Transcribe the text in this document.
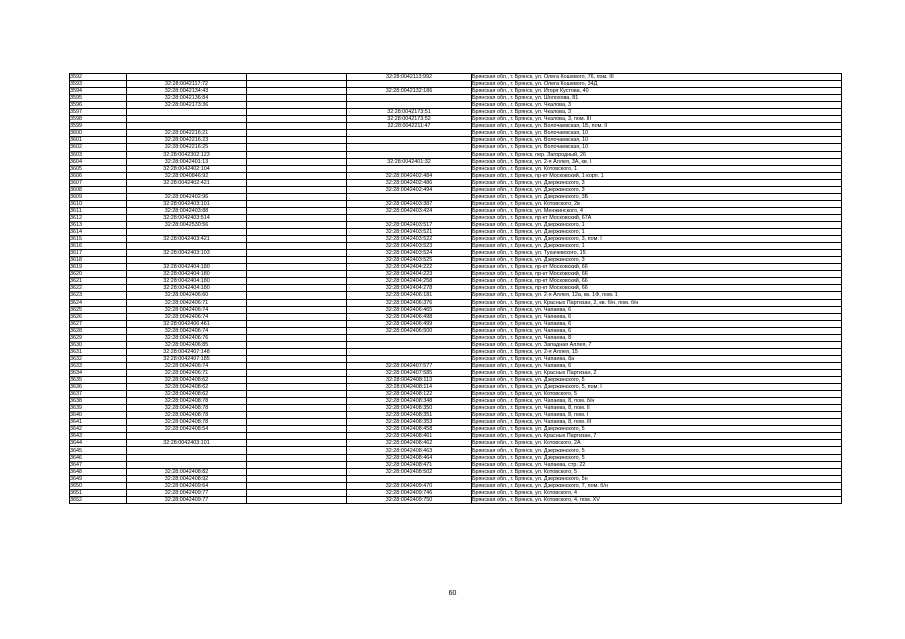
3592			32:28:0042113:992	Брянская обл., г. Брянск, ул. Олега Кошевого, 76, пом. III
3593	32:28:0042117:72			Брянская обл., г. Брянск, ул. Олега Кошевого, 34Д
3594	32:28:0042134:43		32:28:0042132:186	Брянская обл., г. Брянск, ул. Игоря Кустова, 40
3595	32:28:0042136:84			Брянская обл., г. Брянск, ул. Шолохова, 81
3596	32:28:0042173:36			Брянская обл., г. Брянск, ул. Чкалова, 3
3597			32:28:0042173:51	Брянская обл., г. Брянск, ул. Чкалова, 3
3598			32:28:0042173:52	Брянская обл., г. Брянск, ул. Чкалова, 3, пом. III
3599			32:28:0042211:47	Брянская обл., г. Брянск, ул. Волочаевская, 1Б, пом. II
3600	32:28:0042216:21			Брянская обл., г. Брянск, ул. Волочаевская, 10
3601	32:28:0042216:23			Брянская обл., г. Брянск, ул. Волочаевская, 10
3602	32:28:0042216:25			Брянская обл., г. Брянск, ул. Волочаевская, 10
3603	32:28:0042302:123			Брянская обл., г. Брянск, пер. Загородный, 26
3604	32:28:0042401:13		32:28:0042401:32	Брянская обл., г. Брянск, ул. 2-я Аллея, 3А, кв. I
3605	32:28:0042402:104			Брянская обл., г. Брянск, ул. Котовского, 1
3606	32:28:0040846:92		32:28:0042402:484	Брянская обл., г. Брянск, пр-кт Московский, 1 корп. 1
3607	32:28:0042402:421		32:28:0042402:486	Брянская обл., г. Брянск, ул. Дзержинского, 3
3608			32:28:0042402:494	Брянская обл., г. Брянск, ул. Дзержинского, 3
3609	32:28:0042402:96			Брянская обл., г. Брянск, ул. Дзержинского, 3Б
3610	32:28:0042403:101		32:28:0042403:387	Брянская обл., г. Брянск, ул. Котовского, 2в
3611	32:28:0042403:88		32:28:0042403:424	Брянская обл., г. Брянск, ул. Менжинского, 4
3612	32:28:0042403:514			Брянская обл., г. Брянск, пр-кт Московский, 67А
3613	32:28:0042530:56		32:28:0042403:517	Брянская обл., г. Брянск, ул. Дзержинского, 1
3614			32:28:0042403:521	Брянская обл., г. Брянск, ул. Дзержинского, 1
3615	32:28:0042403:421		32:28:0042403:522	Брянская обл., г. Брянск, ул. Дзержинского, 3, пом. I
3616			32:28:0042403:523	Брянская обл., г. Брянск, ул. Дзержинского, 1
3617	32:28:0042403:103		32:28:0042403:524	Брянская обл., г. Брянск, ул. Тухачевского, 15
3618			32:28:0042403:525	Брянская обл., г. Брянск, ул. Дзержинского, 3
3619	32:28:0042404:180		32:28:0042404:222	Брянская обл., г. Брянск, пр-кт Московский, 66
3620	32:28:0042404:180		32:28:0042404:223	Брянская обл., г. Брянск, пр-кт Московский, 66
3621	32:28:0042404:180		32:28:0042404:258	Брянская обл., г. Брянск, пр-кт Московский, 66
3622	32:28:0042404:180		32:28:0042404:278	Брянская обл., г. Брянск, пр-кт Московский, 66
3623	32:28:0042406:60		32:28:0042406:181	Брянская обл., г. Брянск, ул. 2-я Аллея, 12а, кв. 1Ф, пом. 1
3624	32:28:0042406:71		32:28:0042406:376	Брянская обл., г. Брянск, ул. Красных Партизан, 2, кв. б/н, пом. б/н
3625	32:28:0042406:74		32:28:0042406:465	Брянская обл., г. Брянск, ул. Чапаева, 6
3626	32:28:0042406:74		32:28:0042406:498	Брянская обл., г. Брянск, ул. Чапаева, 6
3627	32:28:0042406:461		32:28:0042406:499	Брянская обл., г. Брянск, ул. Чапаева, 6
3628	32:28:0042406:74		32:28:0042406:500	Брянская обл., г. Брянск, ул. Чапаева, 6
3629	32:28:0042406:76			Брянская обл., г. Брянск, ул. Чапаева, 8
3630	32:28:0042406:85			Брянская обл., г. Брянск, ул. Западная Аллея, 7
3631	32:28:0042407:148			Брянская обл., г. Брянск, ул. 2-я Аллея, 15
3632	32:28:0042407:185			Брянская обл., г. Брянск, ул. Чапаева, 8а
3633	32:28:0042406:74		32:28:0042407:577	Брянская обл., г. Брянск, ул. Чапаева, 6
3634	32:28:0042406:71		32:28:0042407:585	Брянская обл., г. Брянск, ул. Красных Партизан, 2
3635	32:28:0042408:62		32:28:0042408:113	Брянская обл., г. Брянск, ул. Дзержинского, 5
3636	32:28:0042408:62		32:28:0042408:114	Брянская обл., г. Брянск, ул. Дзержинского, 5, пом. I
3637	32:28:0042408:62		32:28:0042408:122	Брянская обл., г. Брянск, ул. Котовского, 5
3638	32:28:0042408:78		32:28:0042408:348	Брянская обл., г. Брянск, ул. Чапаева, 8, пом. б/н
3639	32:28:0042408:78		32:28:0042408:350	Брянская обл., г. Брянск, ул. Чапаева, 8, пом. II
3640	32:28:0042408:78		32:28:0042408:351	Брянская обл., г. Брянск, ул. Чапаева, 8, пом. I
3641	32:28:0042408:78		32:28:0042408:353	Брянская обл., г. Брянск, ул. Чапаева, 8, пом. III
3642	32:28:0042408:54		32:28:0042408:458	Брянская обл., г. Брянск, ул. Дзержинского, 5
3643			32:28:0042408:461	Брянская обл., г. Брянск, ул. Красных Партизан, 7
3644	32:28:0042403:101		32:28:0042408:462	Брянская обл., г. Брянск, ул. Котовского, 2А
3645			32:28:0042408:463	Брянская обл., г. Брянск, ул. Дзержинского, 5
3646			32:28:0042408:464	Брянская обл., г. Брянск, ул. Дзержинского, 5
3647			32:28:0042408:471	Брянская обл., г. Брянск, ул. Чапаева, стр. 22
3648	32:28:0042408:82		32:28:0042408:502	Брянская обл., г. Брянск, ул. Котовского, 5
3649	32:28:0042408:92			Брянская обл., г. Брянск, ул. Дзержинского, 5н
3650	32:28:0042409:64		32:28:0042409:470	Брянская обл., г. Брянск, ул. Дзержинского, 7, пом. б/н
3651	32:28:0042409:77		32:28:0042409:746	Брянская обл., г. Брянск, ул. Котовского, 4
3652	32:28:0042409:77		32:28:0042409:750	Брянская обл., г. Брянск, ул. Котовского, 4, пом. XV
60
